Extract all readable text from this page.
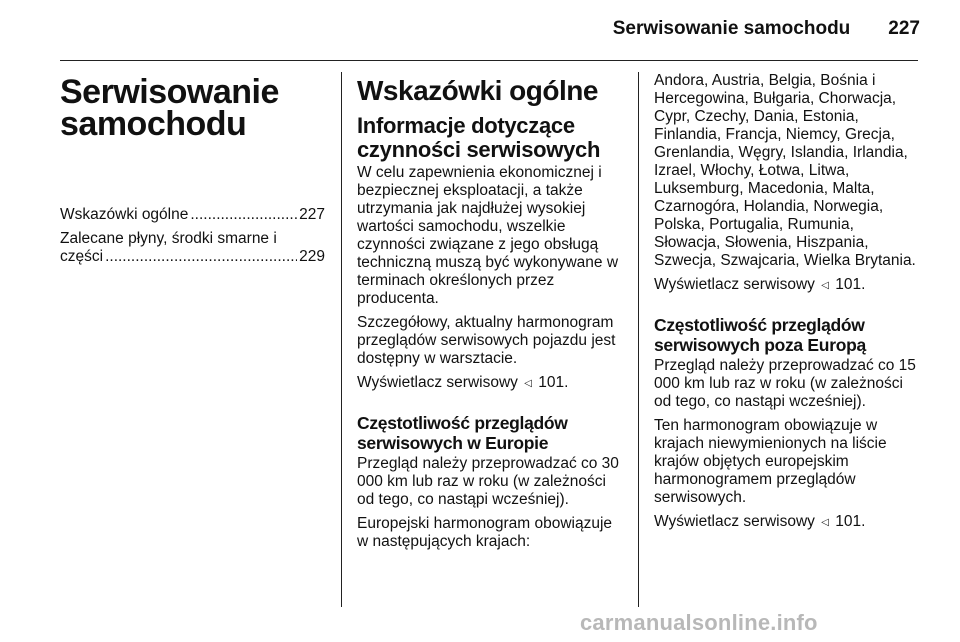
Serwisowanie samochodu 227
Serwisowanie
samochodu
Wskazówki ogólne .....	227
Zalecane płyny, środki smarne i
części .....	229
Wskazówki ogólne
Informacje dotyczące
czynności serwisowych

W celu zapewnienia ekonomicznej i bezpiecznej eksploatacji, a także utrzymania jak najdłużej wysokiej wartości samochodu, wszelkie czynności związane z jego obsługą techniczną muszą być wykonywane w terminach określonych przez producenta.

Szczegółowy, aktualny harmonogram przeglądów serwisowych pojazdu jest dostępny w warsztacie.

Wyświetlacz serwisowy ◁ 101.

Częstotliwość przeglądów
serwisowych w Europie

Przegląd należy przeprowadzać co 30 000 km lub raz w roku (w zależności od tego, co nastąpi wcześniej).

Europejski harmonogram obowiązuje w następujących krajach:

Andora, Austria, Belgia, Bośnia i Hercegowina, Bułgaria, Chorwacja, Cypr, Czechy, Dania, Estonia, Finlandia, Francja, Niemcy, Grecja, Grenlandia, Węgry, Islandia, Irlandia, Izrael, Włochy, Łotwa, Litwa, Luksemburg, Macedonia, Malta, Czarnogóra, Holandia, Norwegia, Polska, Portugalia, Rumunia, Słowacja, Słowenia, Hiszpania, Szwecja, Szwajcaria, Wielka Brytania.

Wyświetlacz serwisowy ◁ 101.

Częstotliwość przeglądów
serwisowych poza Europą

Przegląd należy przeprowadzać co 15 000 km lub raz w roku (w zależności od tego, co nastąpi wcześniej).

Ten harmonogram obowiązuje w krajach niewymienionych na liście krajów objętych europejskim harmonogramem przeglądów serwisowych.

Wyświetlacz serwisowy ◁ 101.

carmanualsonline.info
